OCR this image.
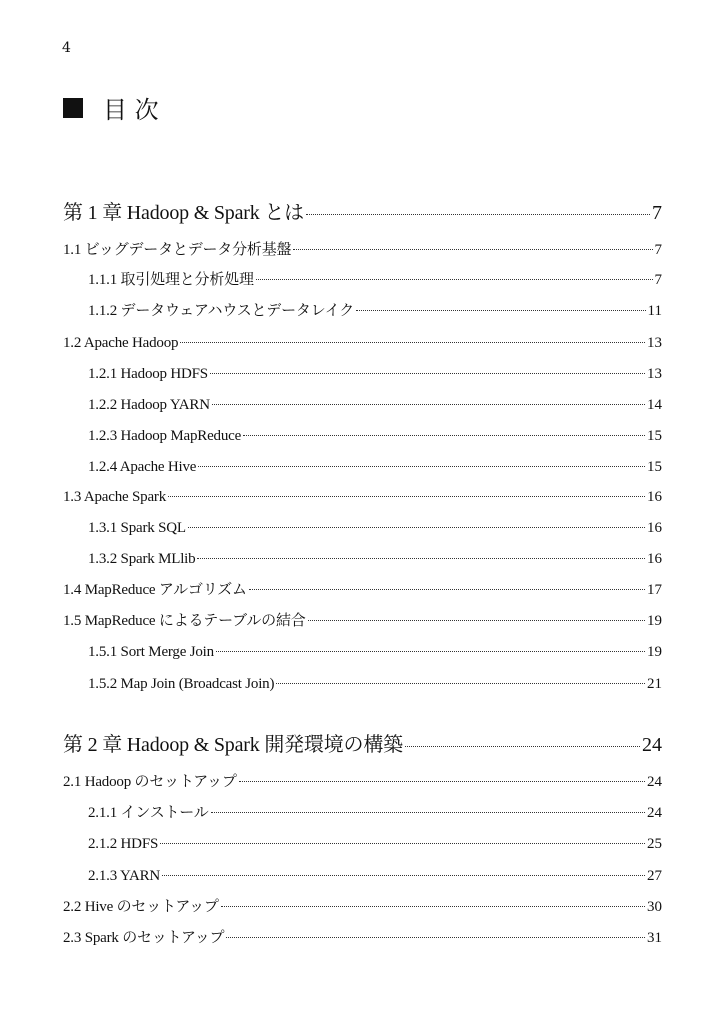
4
目 次
第 1 章 Hadoop & Spark とは	7
1.1 ビッグデータとデータ分析基盤	7
1.1.1 取引処理と分析処理	7
1.1.2 データウェアハウスとデータレイク	11
1.2 Apache Hadoop	13
1.2.1 Hadoop HDFS	13
1.2.2 Hadoop YARN	14
1.2.3 Hadoop MapReduce	15
1.2.4 Apache Hive	15
1.3 Apache Spark	16
1.3.1 Spark SQL	16
1.3.2 Spark MLlib	16
1.4 MapReduce アルゴリズム	17
1.5 MapReduce によるテーブルの結合	19
1.5.1 Sort Merge Join	19
1.5.2 Map Join (Broadcast Join)	21
第 2 章 Hadoop & Spark 開発環境の構築	24
2.1 Hadoop のセットアップ	24
2.1.1 インストール	24
2.1.2 HDFS	25
2.1.3 YARN	27
2.2 Hive のセットアップ	30
2.3 Spark のセットアップ	31
